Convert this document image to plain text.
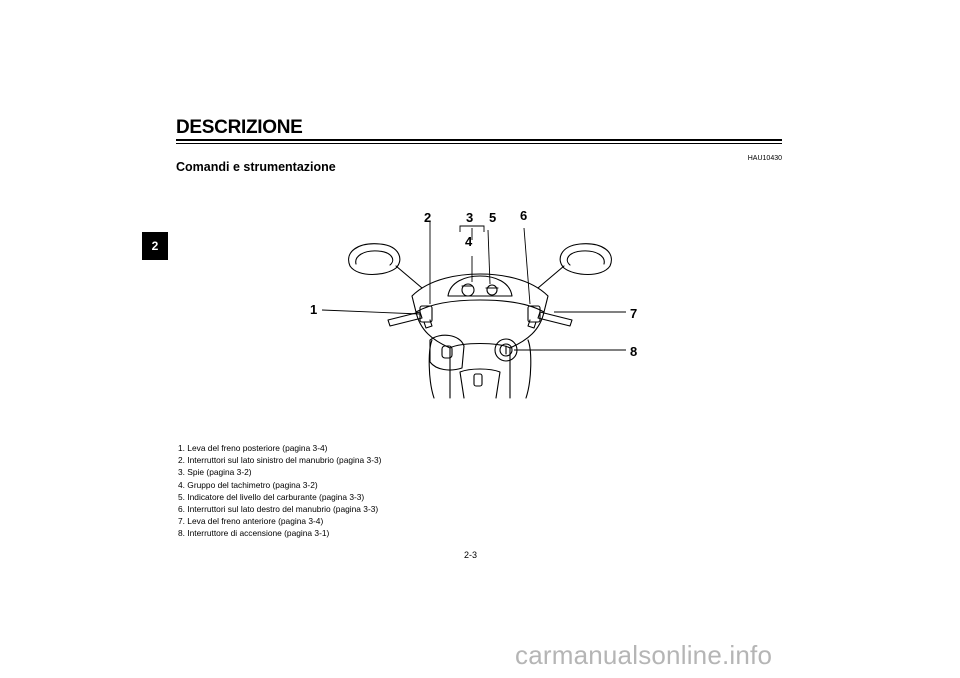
2
DESCRIZIONE
HAU10430
Comandi e strumentazione
1
2	3
4
5 6
7
8
1. Leva del freno posteriore (pagina 3-4)
2. Interruttori sul lato sinistro del manubrio (pagina 3-3)
3. Spie (pagina 3-2)
4. Gruppo del tachimetro (pagina 3-2)
5. Indicatore del livello del carburante (pagina 3-3)
6. Interruttori sul lato destro del manubrio (pagina 3-3)
7. Leva del freno anteriore (pagina 3-4)
8. Interruttore di accensione (pagina 3-1)
2-3
carmanualsonline.info
